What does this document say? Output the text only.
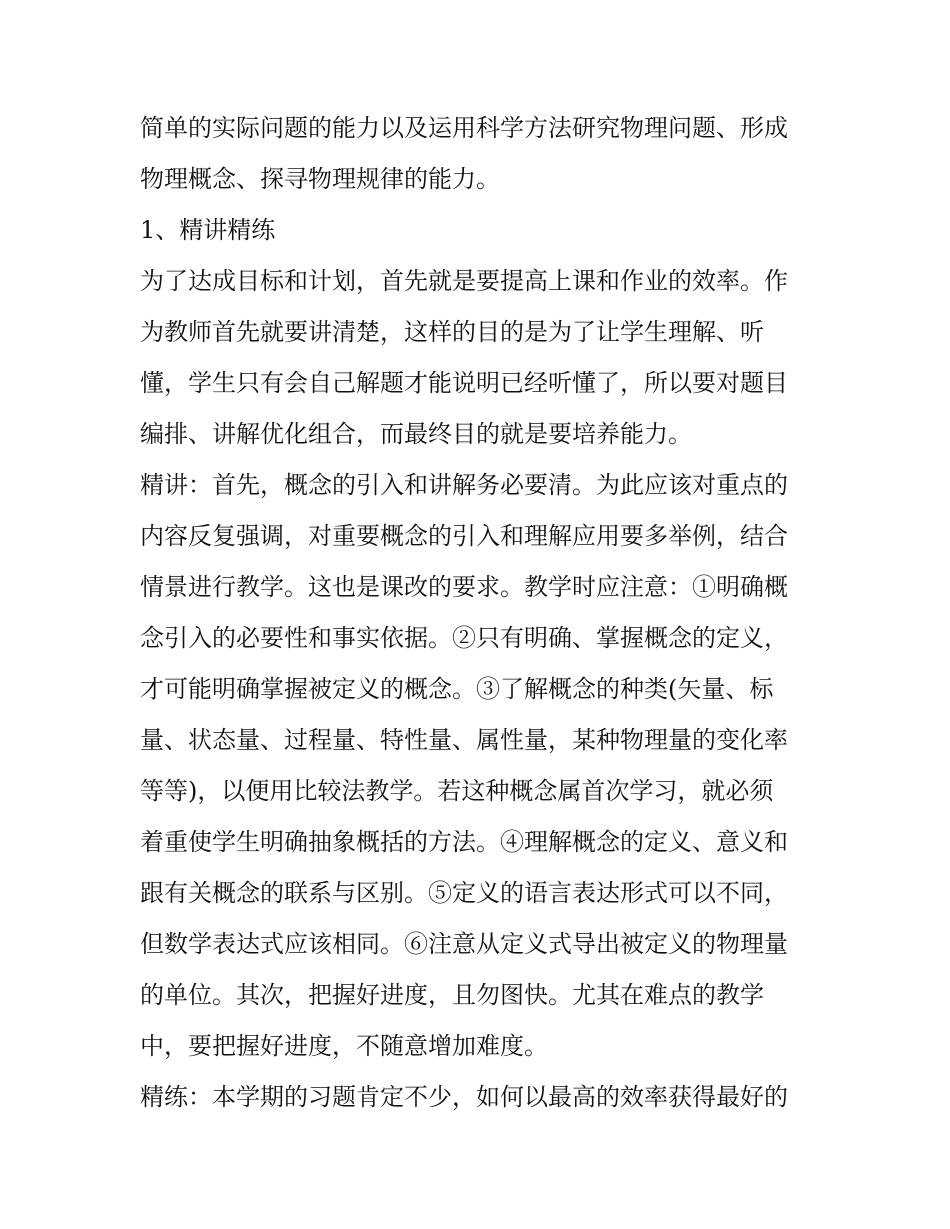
简单的实际问题的能力以及运用科学方法研究物理问题、形成
物理概念、探寻物理规律的能力。
1、精讲精练
为了达成目标和计划，首先就是要提高上课和作业的效率。作
为教师首先就要讲清楚，这样的目的是为了让学生理解、听
懂，学生只有会自己解题才能说明已经听懂了，所以要对题目
编排、讲解优化组合，而最终目的就是要培养能力。
精讲：首先，概念的引入和讲解务必要清。为此应该对重点的
内容反复强调，对重要概念的引入和理解应用要多举例，结合
情景进行教学。这也是课改的要求。教学时应注意：①明确概
念引入的必要性和事实依据。②只有明确、掌握概念的定义，
才可能明确掌握被定义的概念。③了解概念的种类(矢量、标
量、状态量、过程量、特性量、属性量，某种物理量的变化率
等等)，以便用比较法教学。若这种概念属首次学习，就必须
着重使学生明确抽象概括的方法。④理解概念的定义、意义和
跟有关概念的联系与区别。⑤定义的语言表达形式可以不同，
但数学表达式应该相同。⑥注意从定义式导出被定义的物理量
的单位。其次，把握好进度，且勿图快。尤其在难点的教学
中，要把握好进度，不随意增加难度。
精练：本学期的习题肯定不少，如何以最高的效率获得最好的
